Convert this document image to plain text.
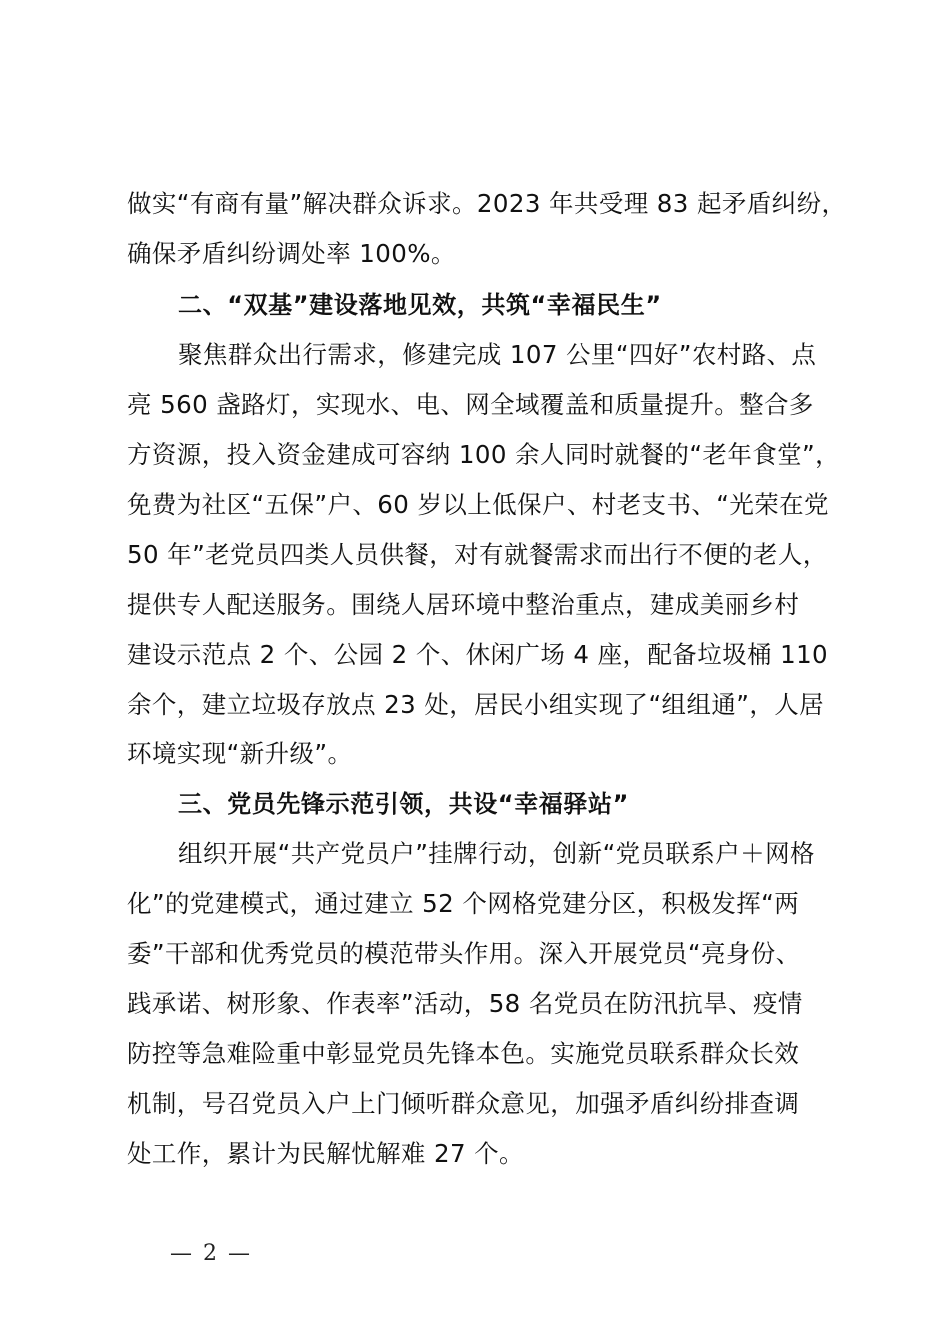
做实“有商有量”解决群众诉求。2023 年共受理 83 起矛盾纠纷，
确保矛盾纠纷调处率 100%。
二、“双基”建设落地见效，共筑“幸福民生”
聚焦群众出行需求，修建完成 107 公里“四好”农村路、点
亮 560 盏路灯，实现水、电、网全域覆盖和质量提升。整合多
方资源，投入资金建成可容纳 100 余人同时就餐的“老年食堂”，
免费为社区“五保”户、60 岁以上低保户、村老支书、“光荣在党
50 年”老党员四类人员供餐，对有就餐需求而出行不便的老人，
提供专人配送服务。围绕人居环境中整治重点，建成美丽乡村
建设示范点 2 个、公园 2 个、休闲广场 4 座，配备垃圾桶 110
余个，建立垃圾存放点 23 处，居民小组实现了“组组通”，人居
环境实现“新升级”。
三、党员先锋示范引领，共设“幸福驿站”
组织开展“共产党员户”挂牌行动，创新“党员联系户＋网格
化”的党建模式，通过建立 52 个网格党建分区，积极发挥“两
委”干部和优秀党员的模范带头作用。深入开展党员“亮身份、
践承诺、树形象、作表率”活动，58 名党员在防汛抗旱、疫情
防控等急难险重中彰显党员先锋本色。实施党员联系群众长效
机制，号召党员入户上门倾听群众意见，加强矛盾纠纷排查调
处工作，累计为民解忧解难 27 个。
— 2 —
